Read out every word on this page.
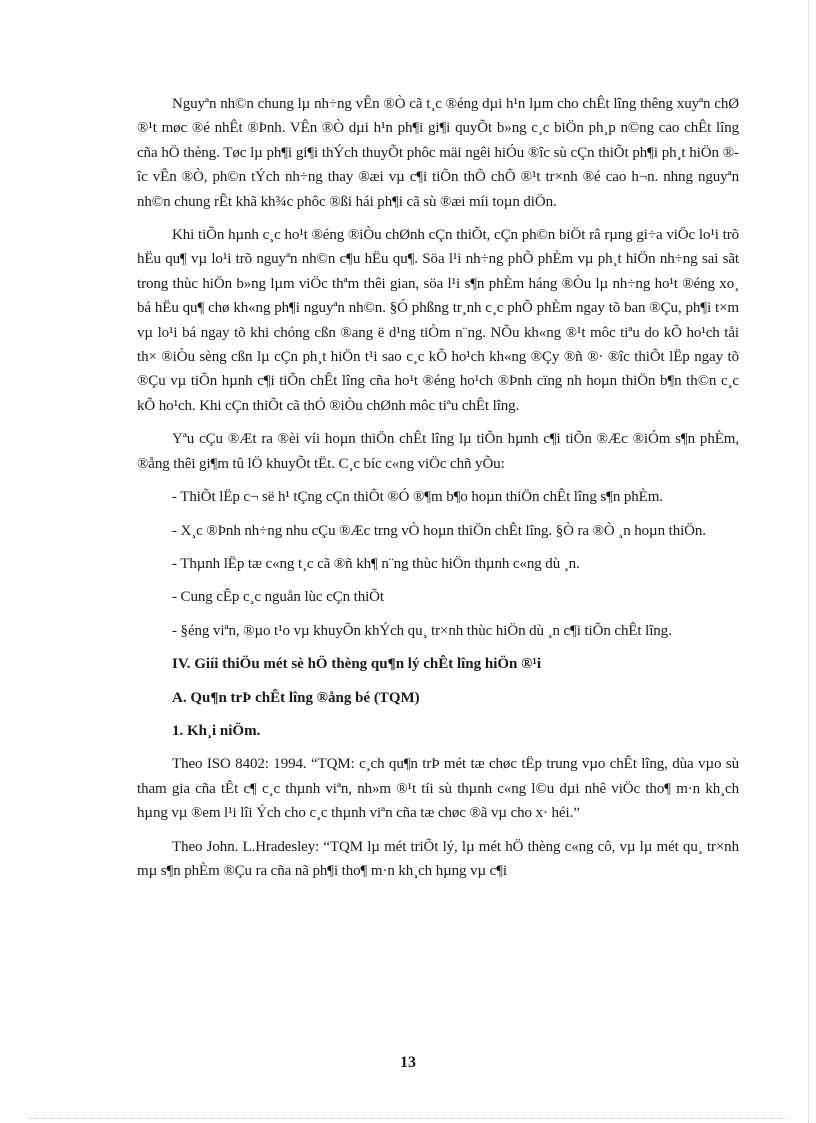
Nguyªn nh©n chung lµ nh÷ng vÊn ®Ò cã t¸c ®éng dµi h¹n lµm cho chÊt lîng thêng xuyªn chØ ®¹t møc ®é nhÊt ®Þnh. VÊn ®Ò dµi h¹n ph¶i gi¶i quyÕt b»ng c¸c biÖn ph¸p n©ng cao chÊt lîng cña hÖ thèng. Tøc lµ ph¶i gi¶i thÝch thuyÕt phôc mäi ngêi hiÓu ®îc sù cÇn thiÕt ph¶i ph¸t hiÖn ®îc vÊn ®Ò, ph©n tÝch nh÷ng thay ®æi vµ c¶i tiÕn thÕ chÕ ®¹t tr×nh ®é cao h¬n. nhng nguyªn nh©n chung rÊt khã kh¾c phôc ®ßi hái ph¶i cã sù ®æi míi toµn diÖn.

Khi tiÕn hµnh c¸c ho¹t ®éng ®iÒu chØnh cÇn thiÕt, cÇn ph©n biÖt râ rµng gi÷a viÖc lo¹i trõ hËu qu¶ vµ lo¹i trõ nguyªn nh©n c¶u hËu qu¶. Söa l¹i nh÷ng phÕ phÈm vµ ph¸t hiÖn nh÷ng sai sãt trong thùc hiÖn b»ng lµm viÖc thªm thêi gian, söa l¹i s¶n phÈm háng ®Òu lµ nh÷ng ho¹t ®éng xo¸ bá hËu qu¶ chø kh«ng ph¶i nguyªn nh©n. §Ó phßng tr¸nh c¸c phÕ phÈm ngay tõ ban ®Çu, ph¶i t×m vµ lo¹i bá ngay tõ khi chóng cßn ®ang ë d¹ng tiÒm n¨ng. NÕu kh«ng ®¹t môc tiªu do kÕ ho¹ch tåi th× ®iÒu sèng cßn lµ cÇn ph¸t hiÖn t¹i sao c¸c kÕ ho¹ch kh«ng ®Çy ®ñ ®· ®îc thiÕt lËp ngay tõ ®Çu vµ tiÕn hµnh c¶i tiÕn chÊt lîng cña ho¹t ®éng ho¹ch ®Þnh cïng nh hoµn thiÖn b¶n th©n c¸c kÕ ho¹ch. Khi cÇn thiÕt cã thÓ ®iÒu chØnh môc tiªu chÊt lîng.

Yªu cÇu ®Æt ra ®èi víi hoµn thiÖn chÊt lîng lµ tiÕn hµnh c¶i tiÕn ®Æc ®iÓm s¶n phÈm, ®ång thêi gi¶m tû lÖ khuyÕt tËt. C¸c bíc c«ng viÖc chñ yÕu:

- ThiÕt lËp c¬ së h¹ tÇng cÇn thiÕt ®Ó ®¶m b¶o hoµn thiÖn chÊt lîng s¶n phÈm.

- X¸c ®Þnh nh÷ng nhu cÇu ®Æc trng vÒ hoµn thiÖn chÊt lîng. §Ò ra ®Ò ¸n hoµn thiÖn.

- Thµnh lËp tæ c«ng t¸c cã ®ñ kh¶ n¨ng thùc hiÖn thµnh c«ng dù ¸n.

- Cung cÊp c¸c nguån lùc cÇn thiÕt

- §éng viªn, ®µo t¹o vµ khuyÕn khÝch qu¸ tr×nh thùc hiÖn dù ¸n c¶i tiÕn chÊt lîng.

IV. Giíi thiÖu mét sè hÖ thèng qu¶n lý chÊt lîng hiÖn ®¹i

A. Qu¶n trÞ chÊt lîng ®ång bé (TQM)

1. Kh¸i niÖm.

Theo ISO 8402: 1994. “TQM: c¸ch qu¶n trÞ mét tæ chøc tËp trung vµo chÊt lîng, dùa vµo sù tham gia cña tÊt c¶ c¸c thµnh viªn, nh»m ®¹t tíi sù thµnh c«ng l©u dµi nhê viÖc tho¶ m·n kh¸ch hµng vµ ®em l¹i lîi Ých cho c¸c thµnh viªn cña tæ chøc ®ã vµ cho x· héi.”

Theo John. L.Hradesley: “TQM lµ mét triÕt lý, lµ mét hÖ thèng c«ng cô, vµ lµ mét qu¸ tr×nh mµ s¶n phÈm ®Çu ra cña nã ph¶i tho¶ m·n kh¸ch hµng vµ c¶i

13
